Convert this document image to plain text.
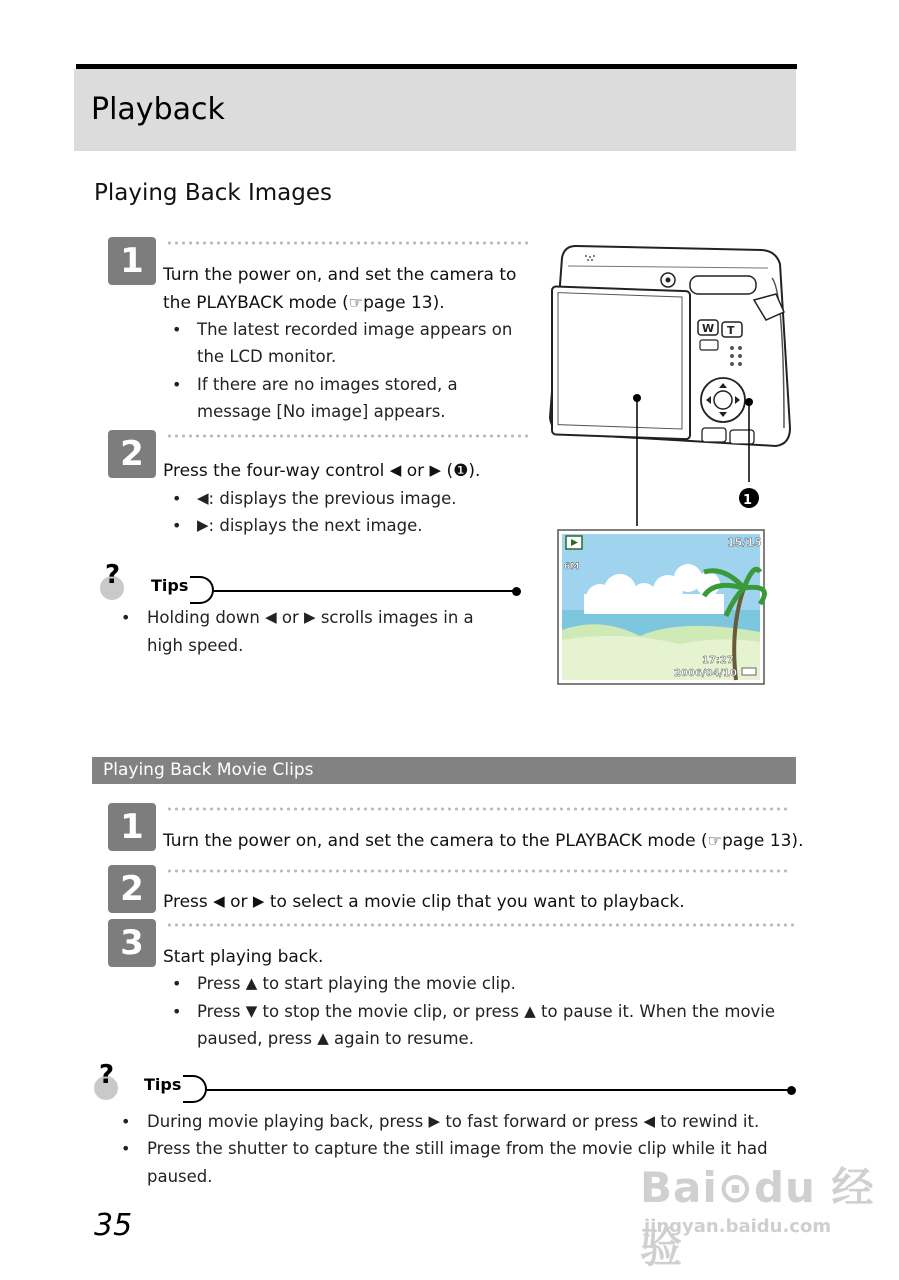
Playback
Playing Back Images
1	Turn the power on, and set the camera to
the PLAYBACK mode (☞page 13).
• The latest recorded image appears on
the LCD monitor.
• If there are no images stored, a
message [No image] appears.
2	Press the four-way control ◀ or ▶ (❶).
• ◀: displays the previous image.
• ▶: displays the next image.
? Tips
• Holding down ◀ or ▶ scrolls images in a
high speed.
W T
1
15/15
6M
17:27
2006/04/10
Playing Back Movie Clips
1	Turn the power on, and set the camera to the PLAYBACK mode (☞page 13).
2	Press ◀ or ▶ to select a movie clip that you want to playback.
3	Start playing back.
• Press ▲ to start playing the movie clip.
• Press ▼ to stop the movie clip, or press ▲ to pause it. When the movie
paused, press ▲ again to resume.
? Tips
• During movie playing back, press ▶ to fast forward or press ◀ to rewind it.
• Press the shutter to capture the still image from the movie clip while it had
paused.
35
Bai⊙du 经验
jingyan.baidu.com
